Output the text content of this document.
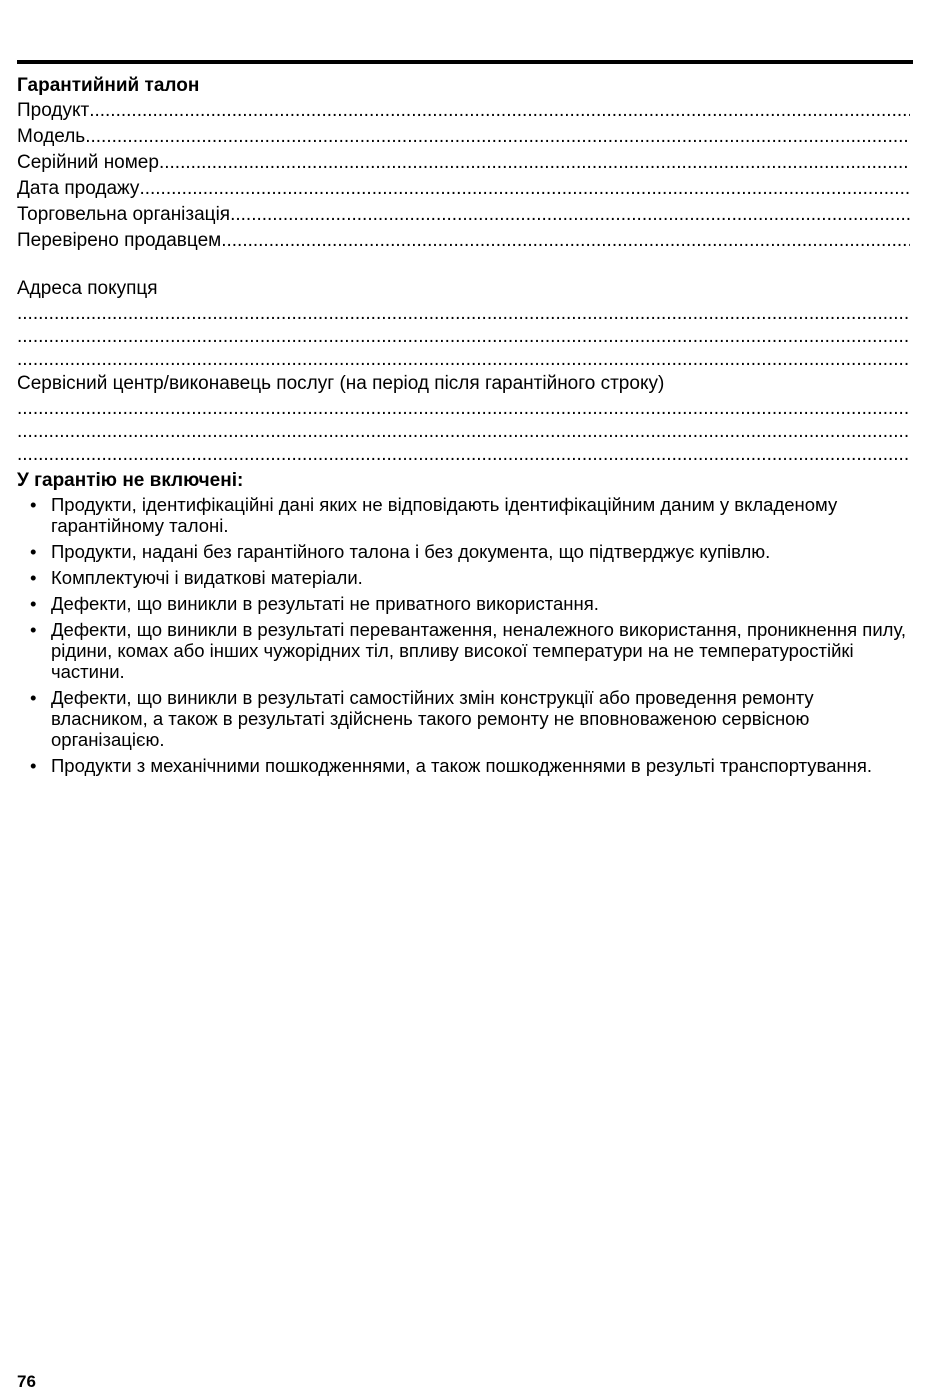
Гарантийний талон
Продукт
.....
Модель
.....
Серійний номер
.....
Дата продажу
.....
Торговельна організація
.....
Перевірено продавцем
.....
Адреса покупця
.....
.....
.....
Сервісний центр/виконавець послуг (на період після гарантійного строку)
.....
.....
.....
У гарантію не включені:
• Продукти, ідентифікаційні дані яких не відповідають ідентифікаційним даним у вкладеному гарантійному талоні.
• Продукти, надані без гарантійного талона і без документа, що підтверджує купівлю.
• Комплектуючі і видаткові матеріали.
• Дефекти, що виникли в результаті не приватного використання.
• Дефекти, що виникли в результаті перевантаження, неналежного використання, проникнення пилу, рідини, комах або інших чужорідних тіл, впливу високої температури на не температуростійкі частини.
• Дефекти, що виникли в результаті самостійних змін конструкції або проведення ремонту власником, а також в результаті здійснень такого ремонту не вповноваженою сервісною організацією.
• Продукти з механічними пошкодженнями, а також пошкодженнями в результі транспортування.
76
